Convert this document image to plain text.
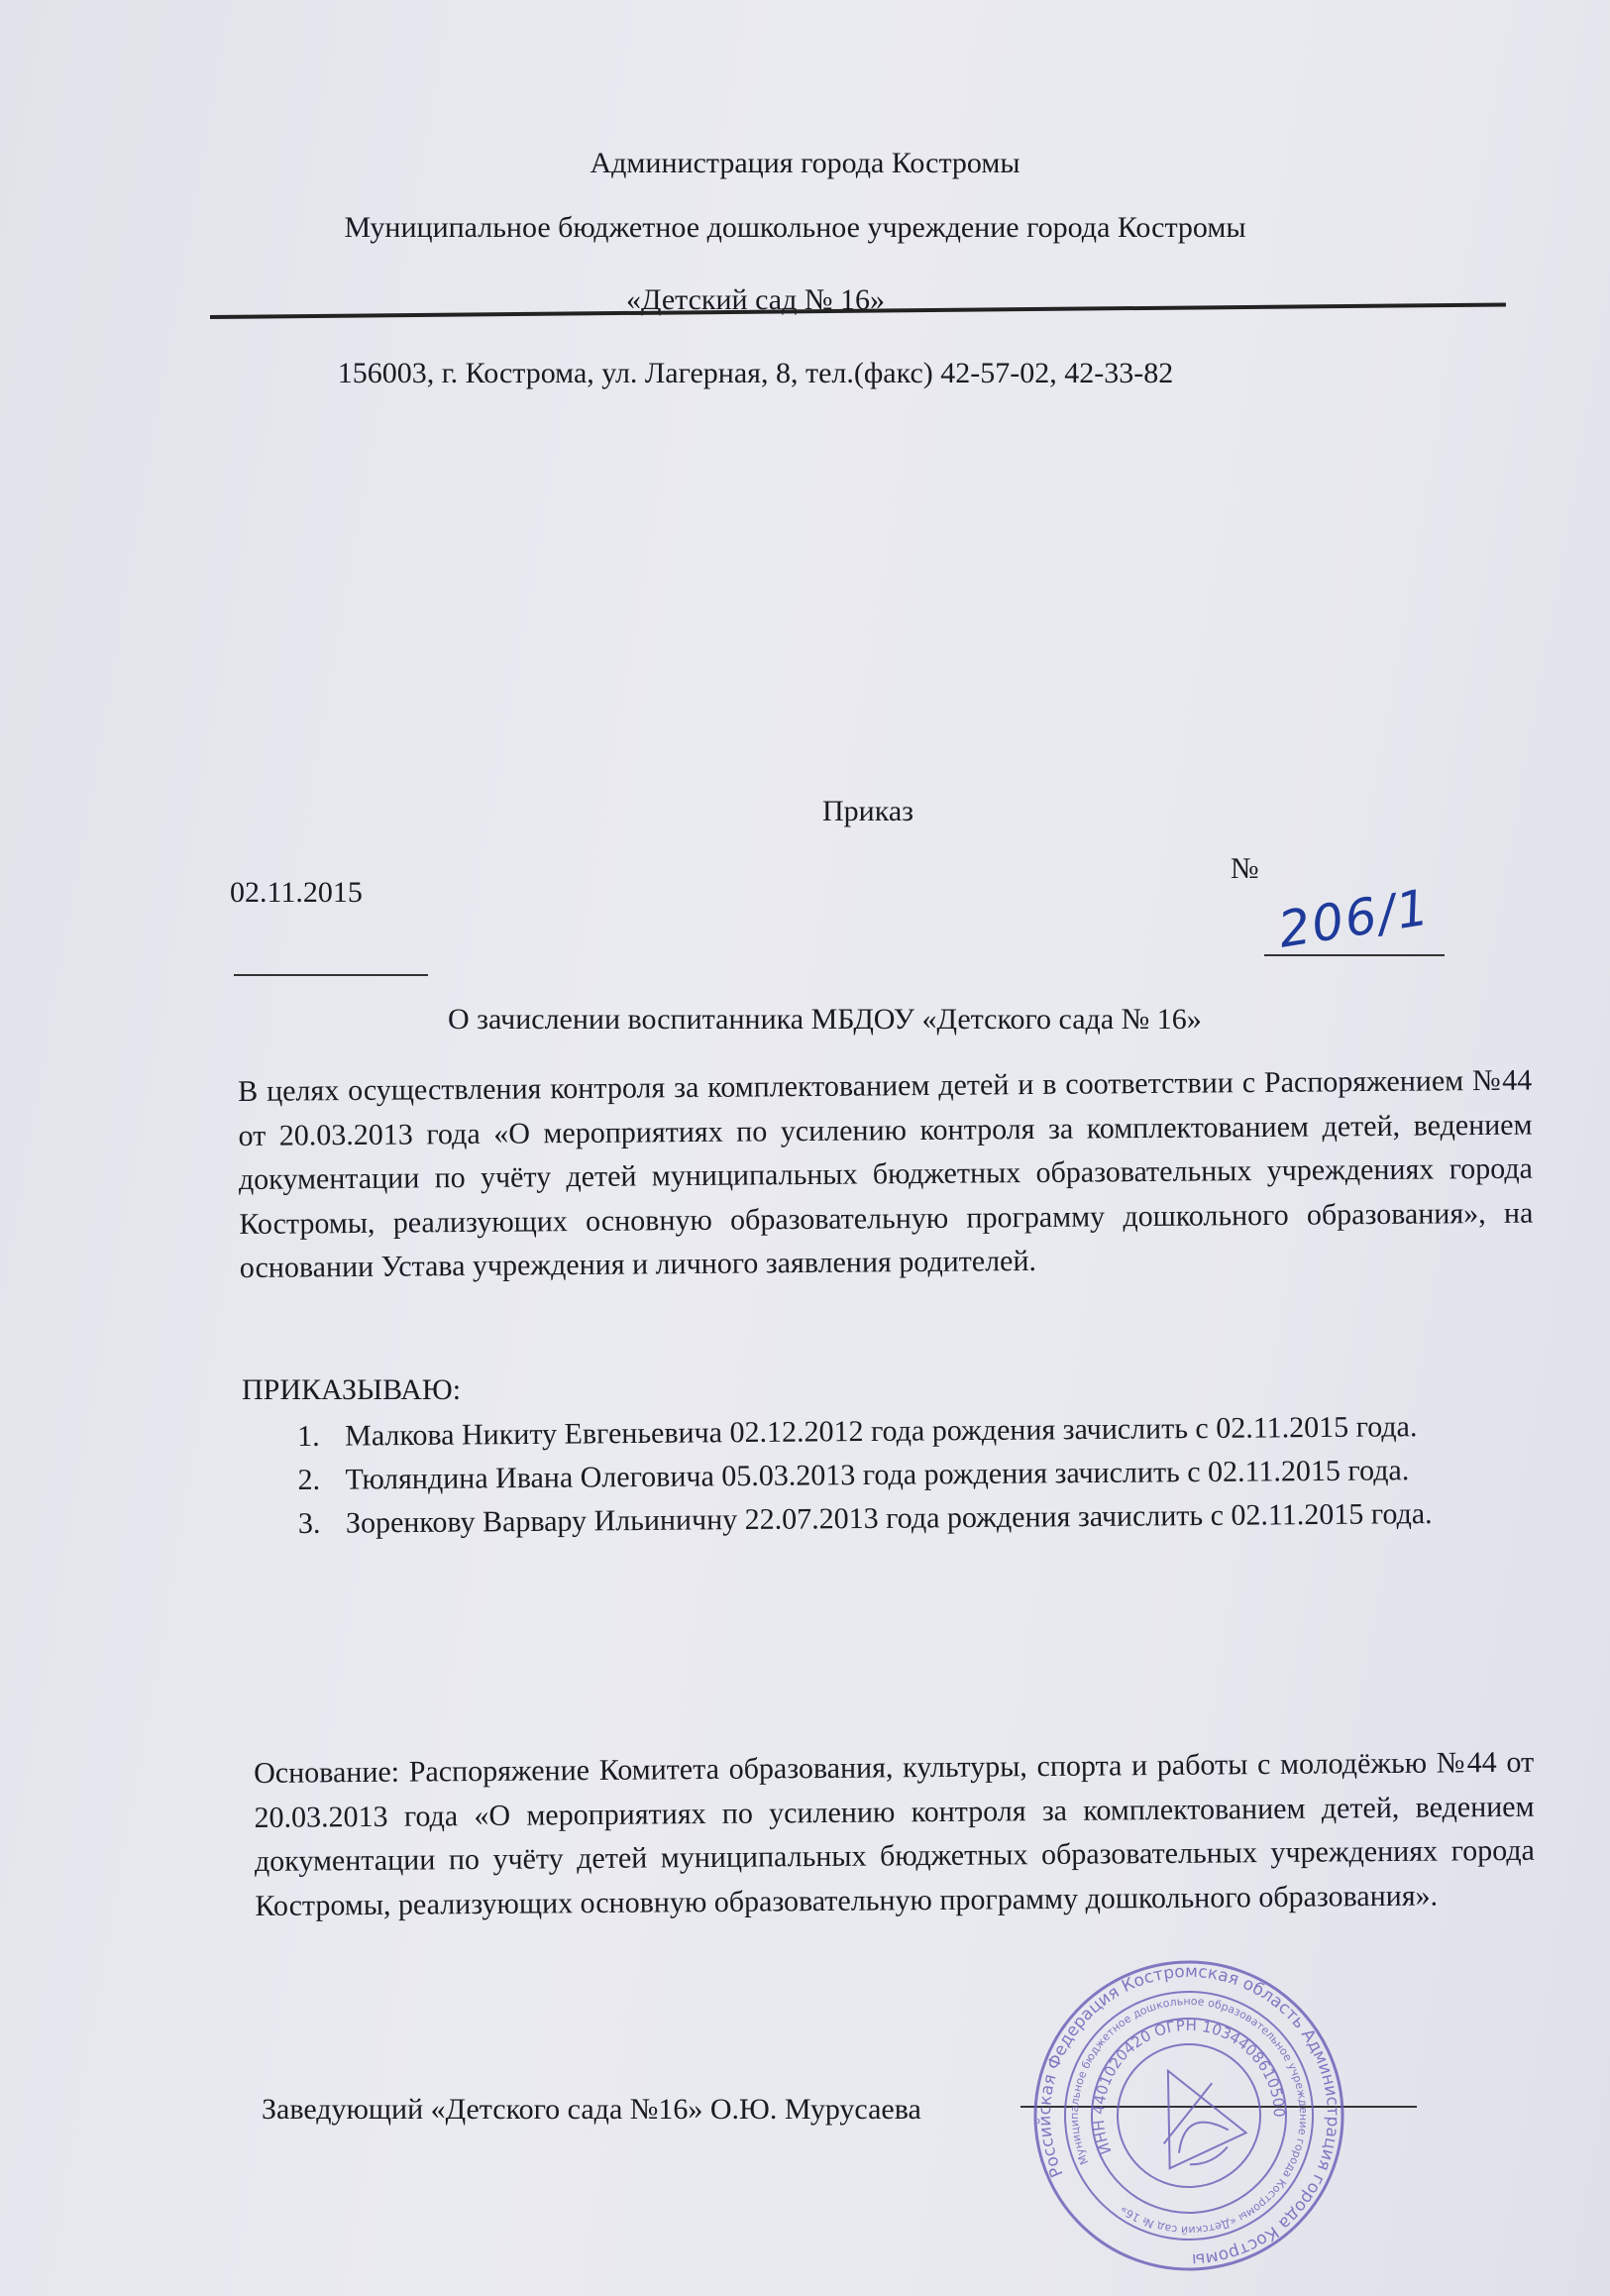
Администрация города Костромы
Муниципальное бюджетное дошкольное учреждение города Костромы
«Детский сад № 16»
156003, г. Кострома, ул. Лагерная, 8, тел.(факс) 42-57-02, 42-33-82
Приказ
02.11.2015
№
206/1
О зачислении воспитанника МБДОУ «Детского сада № 16»
В целях осуществления контроля за комплектованием детей и в соответствии с Распоряжением №44 от 20.03.2013 года «О мероприятиях по усилению контроля за комплектованием детей, ведением документации по учёту детей муниципальных бюджетных образовательных учреждениях города Костромы, реализующих основную образовательную программу дошкольного образования», на основании Устава учреждения и личного заявления родителей.
ПРИКАЗЫВАЮ:
1. Малкова Никиту Евгеньевича 02.12.2012 года рождения зачислить с 02.11.2015 года.
2. Тюляндина Ивана Олеговича 05.03.2013 года рождения зачислить с 02.11.2015 года.
3. Зоренкову Варвару Ильиничну 22.07.2013 года рождения зачислить с 02.11.2015 года.
Основание: Распоряжение Комитета образования, культуры, спорта и работы с молодёжью №44 от 20.03.2013 года «О мероприятиях по усилению контроля за комплектованием детей, ведением документации по учёту детей муниципальных бюджетных образовательных учреждениях города Костромы, реализующих основную образовательную программу дошкольного образования».
Заведующий «Детского сада №16» О.Ю. Мурусаева
Российская Федерация Костромская область Администрация города Костромы
Муниципальное бюджетное дошкольное образовательное учреждение города Костромы «Детский сад № 16»
ИНН 4401020420 ОГРН 1034408610500
